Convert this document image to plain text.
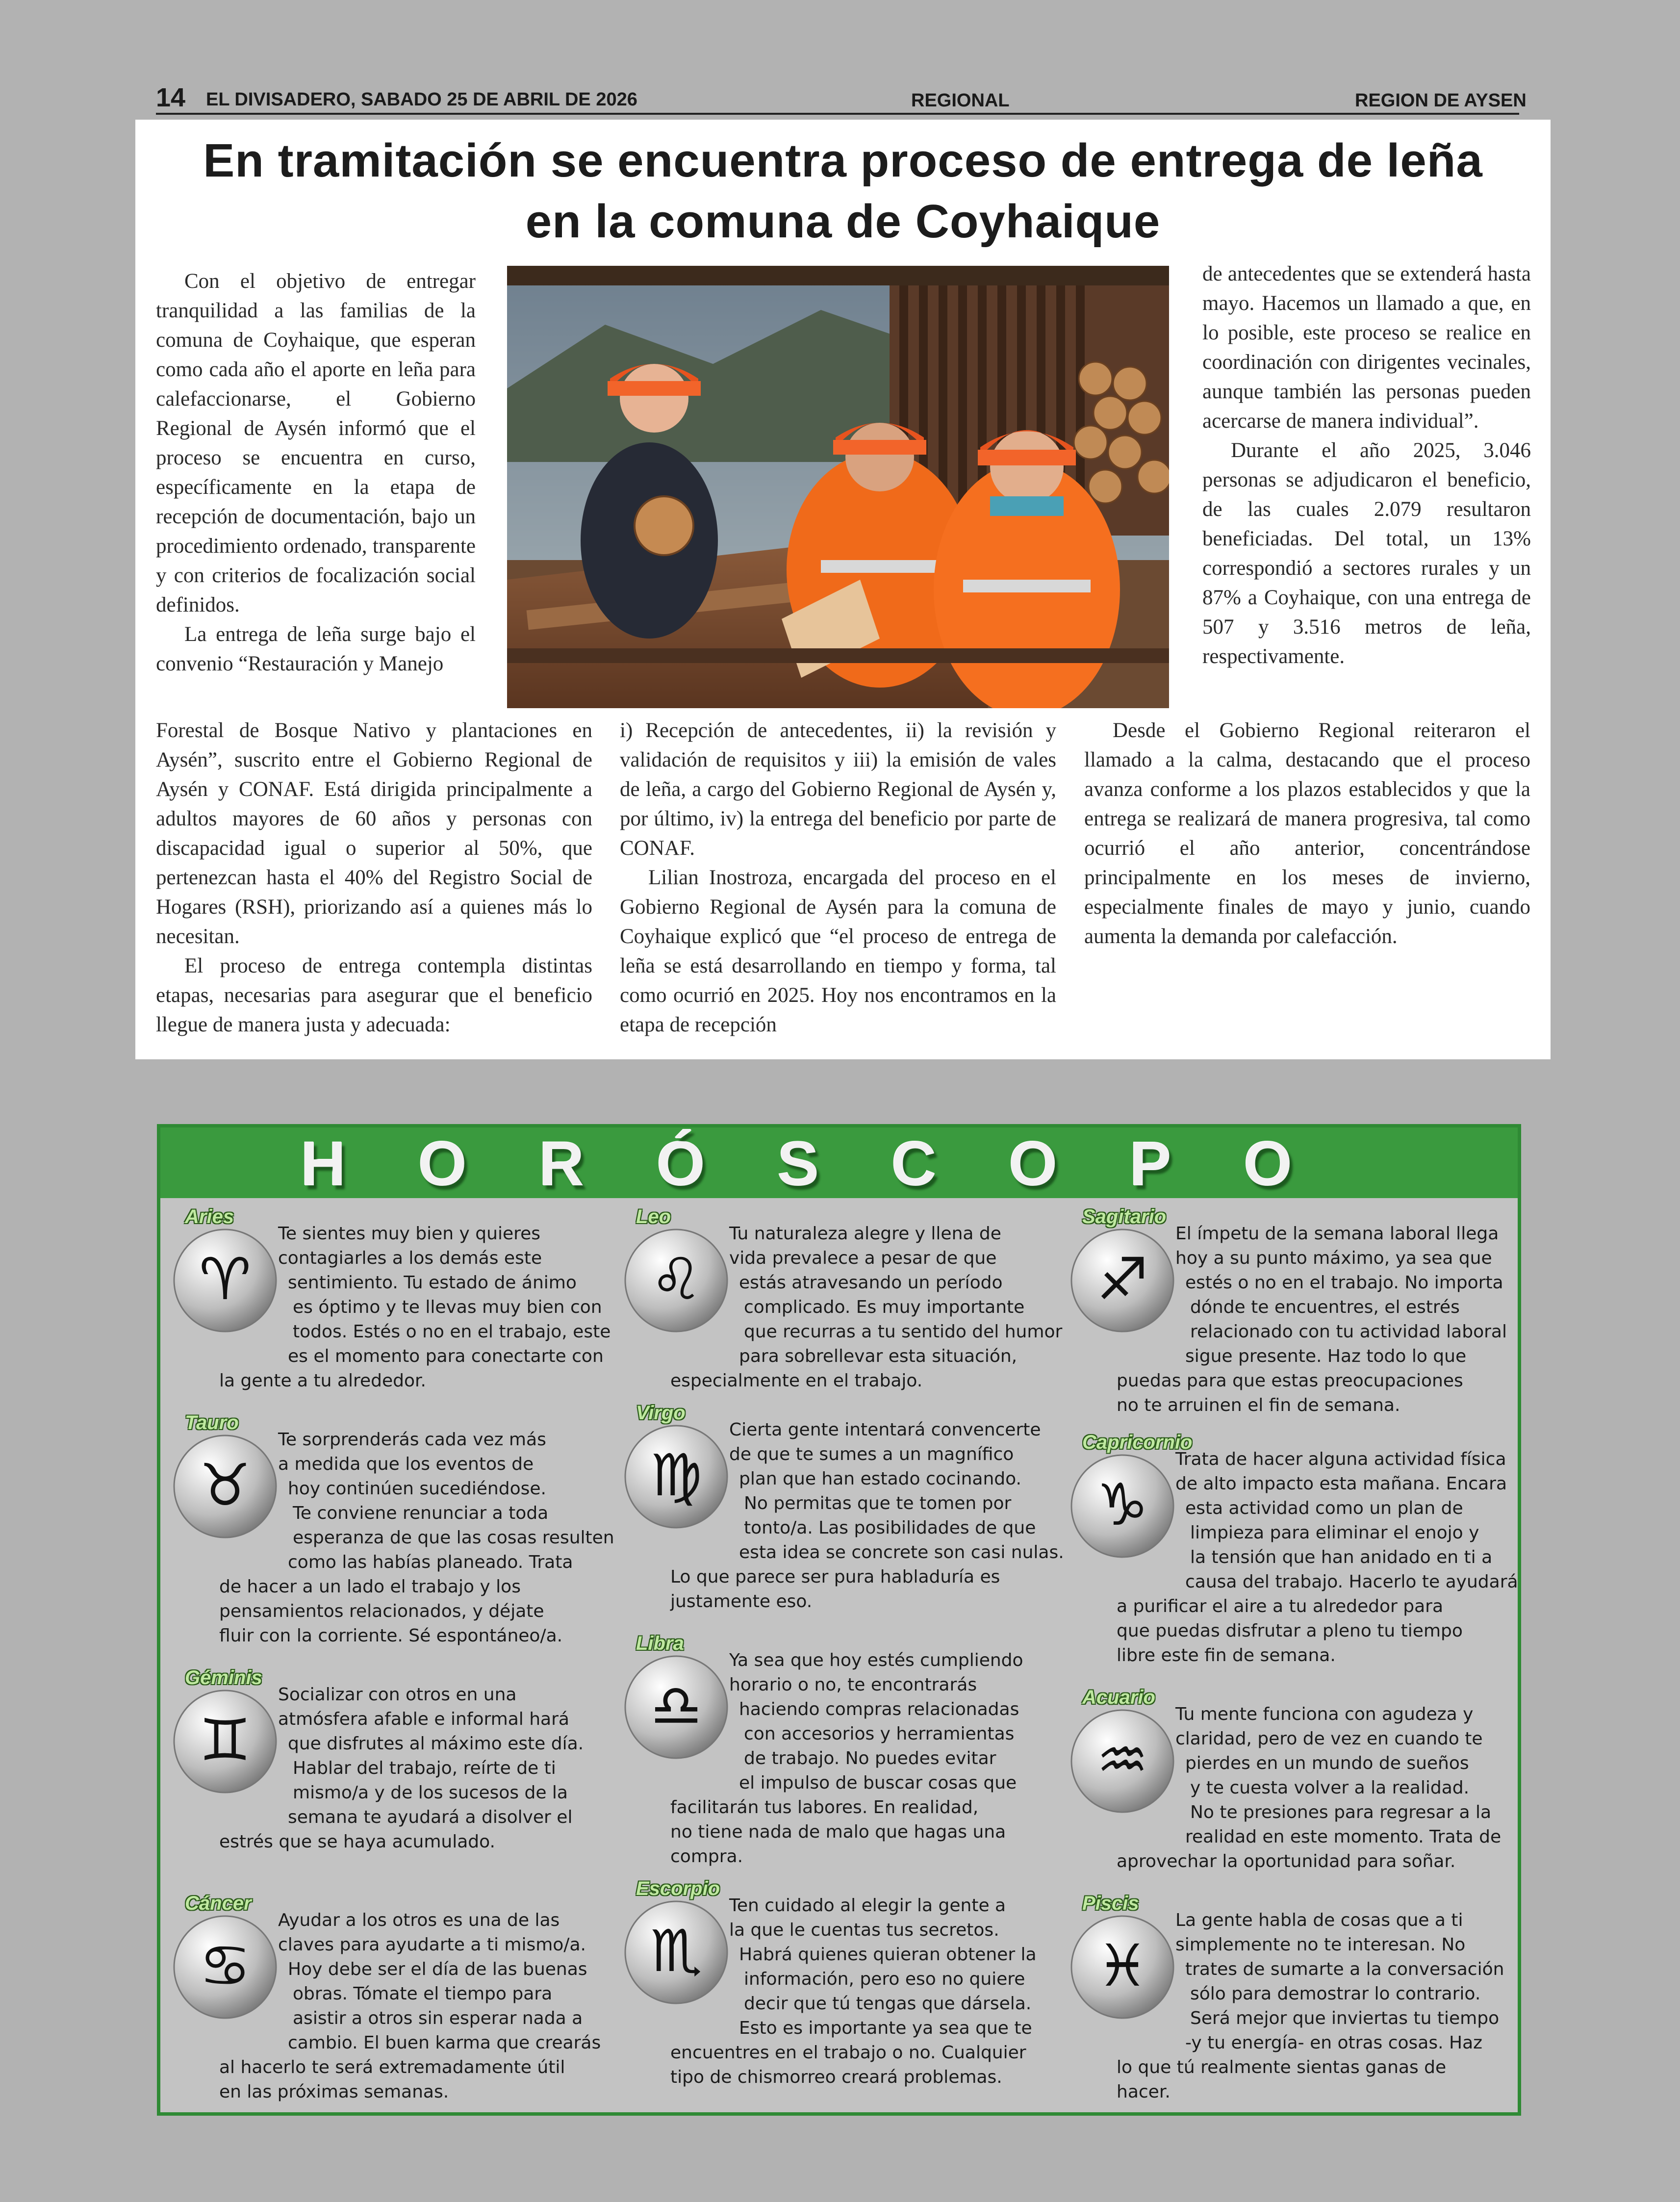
14 EL DIVISADERO, SABADO 25 DE ABRIL DE 2026	REGIONAL	REGION DE AYSEN
En tramitación se encuentra proceso de entrega de leña
en la comuna de Coyhaique

Con el objetivo de entregar tranquilidad a las familias de la comuna de Coyhaique, que esperan como cada año el aporte en leña para calefaccionarse, el Gobierno Regional de Aysén informó que el proceso se encuentra en curso, específicamente en la etapa de recepción de documentación, bajo un procedimiento ordenado, transparente y con criterios de focalización social definidos.

La entrega de leña surge bajo el convenio “Restauración y Manejo

de antecedentes que se extenderá hasta mayo. Hacemos un llamado a que, en lo posible, este proceso se realice en coordinación con dirigentes vecinales, aunque también las personas pueden acercarse de manera individual”.

Durante el año 2025, 3.046 personas se adjudicaron el beneficio, de las cuales 2.079 resultaron beneficiadas. Del total, un 13% correspondió a sectores rurales y un 87% a Coyhaique, con una entrega de 507 y 3.516 metros de leña, respectivamente.

Forestal de Bosque Nativo y plantaciones en Aysén”, suscrito entre el Gobierno Regional de Aysén y CONAF. Está dirigida principalmente a adultos mayores de 60 años y personas con discapacidad igual o superior al 50%, que pertenezcan hasta el 40% del Registro Social de Hogares (RSH), priorizando así a quienes más lo necesitan.

El proceso de entrega contempla distintas etapas, necesarias para asegurar que el beneficio llegue de manera justa y adecuada:

i) Recepción de antecedentes, ii) la revisión y validación de requisitos y iii) la emisión de vales de leña, a cargo del Gobierno Regional de Aysén y, por último, iv) la entrega del beneficio por parte de CONAF.

Lilian Inostroza, encargada del proceso en el Gobierno Regional de Aysén para la comuna de Coyhaique explicó que “el proceso de entrega de leña se está desarrollando en tiempo y forma, tal como ocurrió en 2025. Hoy nos encontramos en la etapa de recepción

Desde el Gobierno Regional reiteraron el llamado a la calma, destacando que el proceso avanza conforme a los plazos establecidos y que la entrega se realizará de manera progresiva, tal como ocurrió el año anterior, concentrándose principalmente en los meses de invierno, especialmente finales de mayo y junio, cuando aumenta la demanda por calefacción.

HORÓSCOPO
Aries
♈
Te sientes muy bien y quieres
contagiarles a los demás este
sentimiento. Tu estado de ánimo
es óptimo y te llevas muy bien con
todos. Estés o no en el trabajo, este
es el momento para conectarte con
la gente a tu alrededor.
Tauro
♉
Te sorprenderás cada vez más
a medida que los eventos de
hoy continúen sucediéndose.
Te conviene renunciar a toda
esperanza de que las cosas resulten
como las habías planeado. Trata
de hacer a un lado el trabajo y los
pensamientos relacionados, y déjate
fluir con la corriente. Sé espontáneo/a.
Géminis
♊
Socializar con otros en una
atmósfera afable e informal hará
que disfrutes al máximo este día.
Hablar del trabajo, reírte de ti
mismo/a y de los sucesos de la
semana te ayudará a disolver el
estrés que se haya acumulado.
Cáncer
♋
Ayudar a los otros es una de las
claves para ayudarte a ti mismo/a.
Hoy debe ser el día de las buenas
obras. Tómate el tiempo para
asistir a otros sin esperar nada a
cambio. El buen karma que crearás
al hacerlo te será extremadamente útil
en las próximas semanas.
Leo
♌
Tu naturaleza alegre y llena de
vida prevalece a pesar de que
estás atravesando un período
complicado. Es muy importante
que recurras a tu sentido del humor
para sobrellevar esta situación,
especialmente en el trabajo.
Virgo
♍
Cierta gente intentará convencerte
de que te sumes a un magnífico
plan que han estado cocinando.
No permitas que te tomen por
tonto/a. Las posibilidades de que
esta idea se concrete son casi nulas.
Lo que parece ser pura habladuría es
justamente eso.
Libra
♎
Ya sea que hoy estés cumpliendo
horario o no, te encontrarás
haciendo compras relacionadas
con accesorios y herramientas
de trabajo. No puedes evitar
el impulso de buscar cosas que
facilitarán tus labores. En realidad,
no tiene nada de malo que hagas una
compra.
Escorpio
♏
Ten cuidado al elegir la gente a
la que le cuentas tus secretos.
Habrá quienes quieran obtener la
información, pero eso no quiere
decir que tú tengas que dársela.
Esto es importante ya sea que te
encuentres en el trabajo o no. Cualquier
tipo de chismorreo creará problemas.
Sagitario
♐
El ímpetu de la semana laboral llega
hoy a su punto máximo, ya sea que
estés o no en el trabajo. No importa
dónde te encuentres, el estrés
relacionado con tu actividad laboral
sigue presente. Haz todo lo que
puedas para que estas preocupaciones
no te arruinen el fin de semana.
Capricornio
♑
Trata de hacer alguna actividad física
de alto impacto esta mañana. Encara
esta actividad como un plan de
limpieza para eliminar el enojo y
la tensión que han anidado en ti a
causa del trabajo. Hacerlo te ayudará
a purificar el aire a tu alrededor para
que puedas disfrutar a pleno tu tiempo
libre este fin de semana.
Acuario
♒
Tu mente funciona con agudeza y
claridad, pero de vez en cuando te
pierdes en un mundo de sueños
y te cuesta volver a la realidad.
No te presiones para regresar a la
realidad en este momento. Trata de
aprovechar la oportunidad para soñar.
Piscis
♓
La gente habla de cosas que a ti
simplemente no te interesan. No
trates de sumarte a la conversación
sólo para demostrar lo contrario.
Será mejor que inviertas tu tiempo
-y tu energía- en otras cosas. Haz
lo que tú realmente sientas ganas de
hacer.
